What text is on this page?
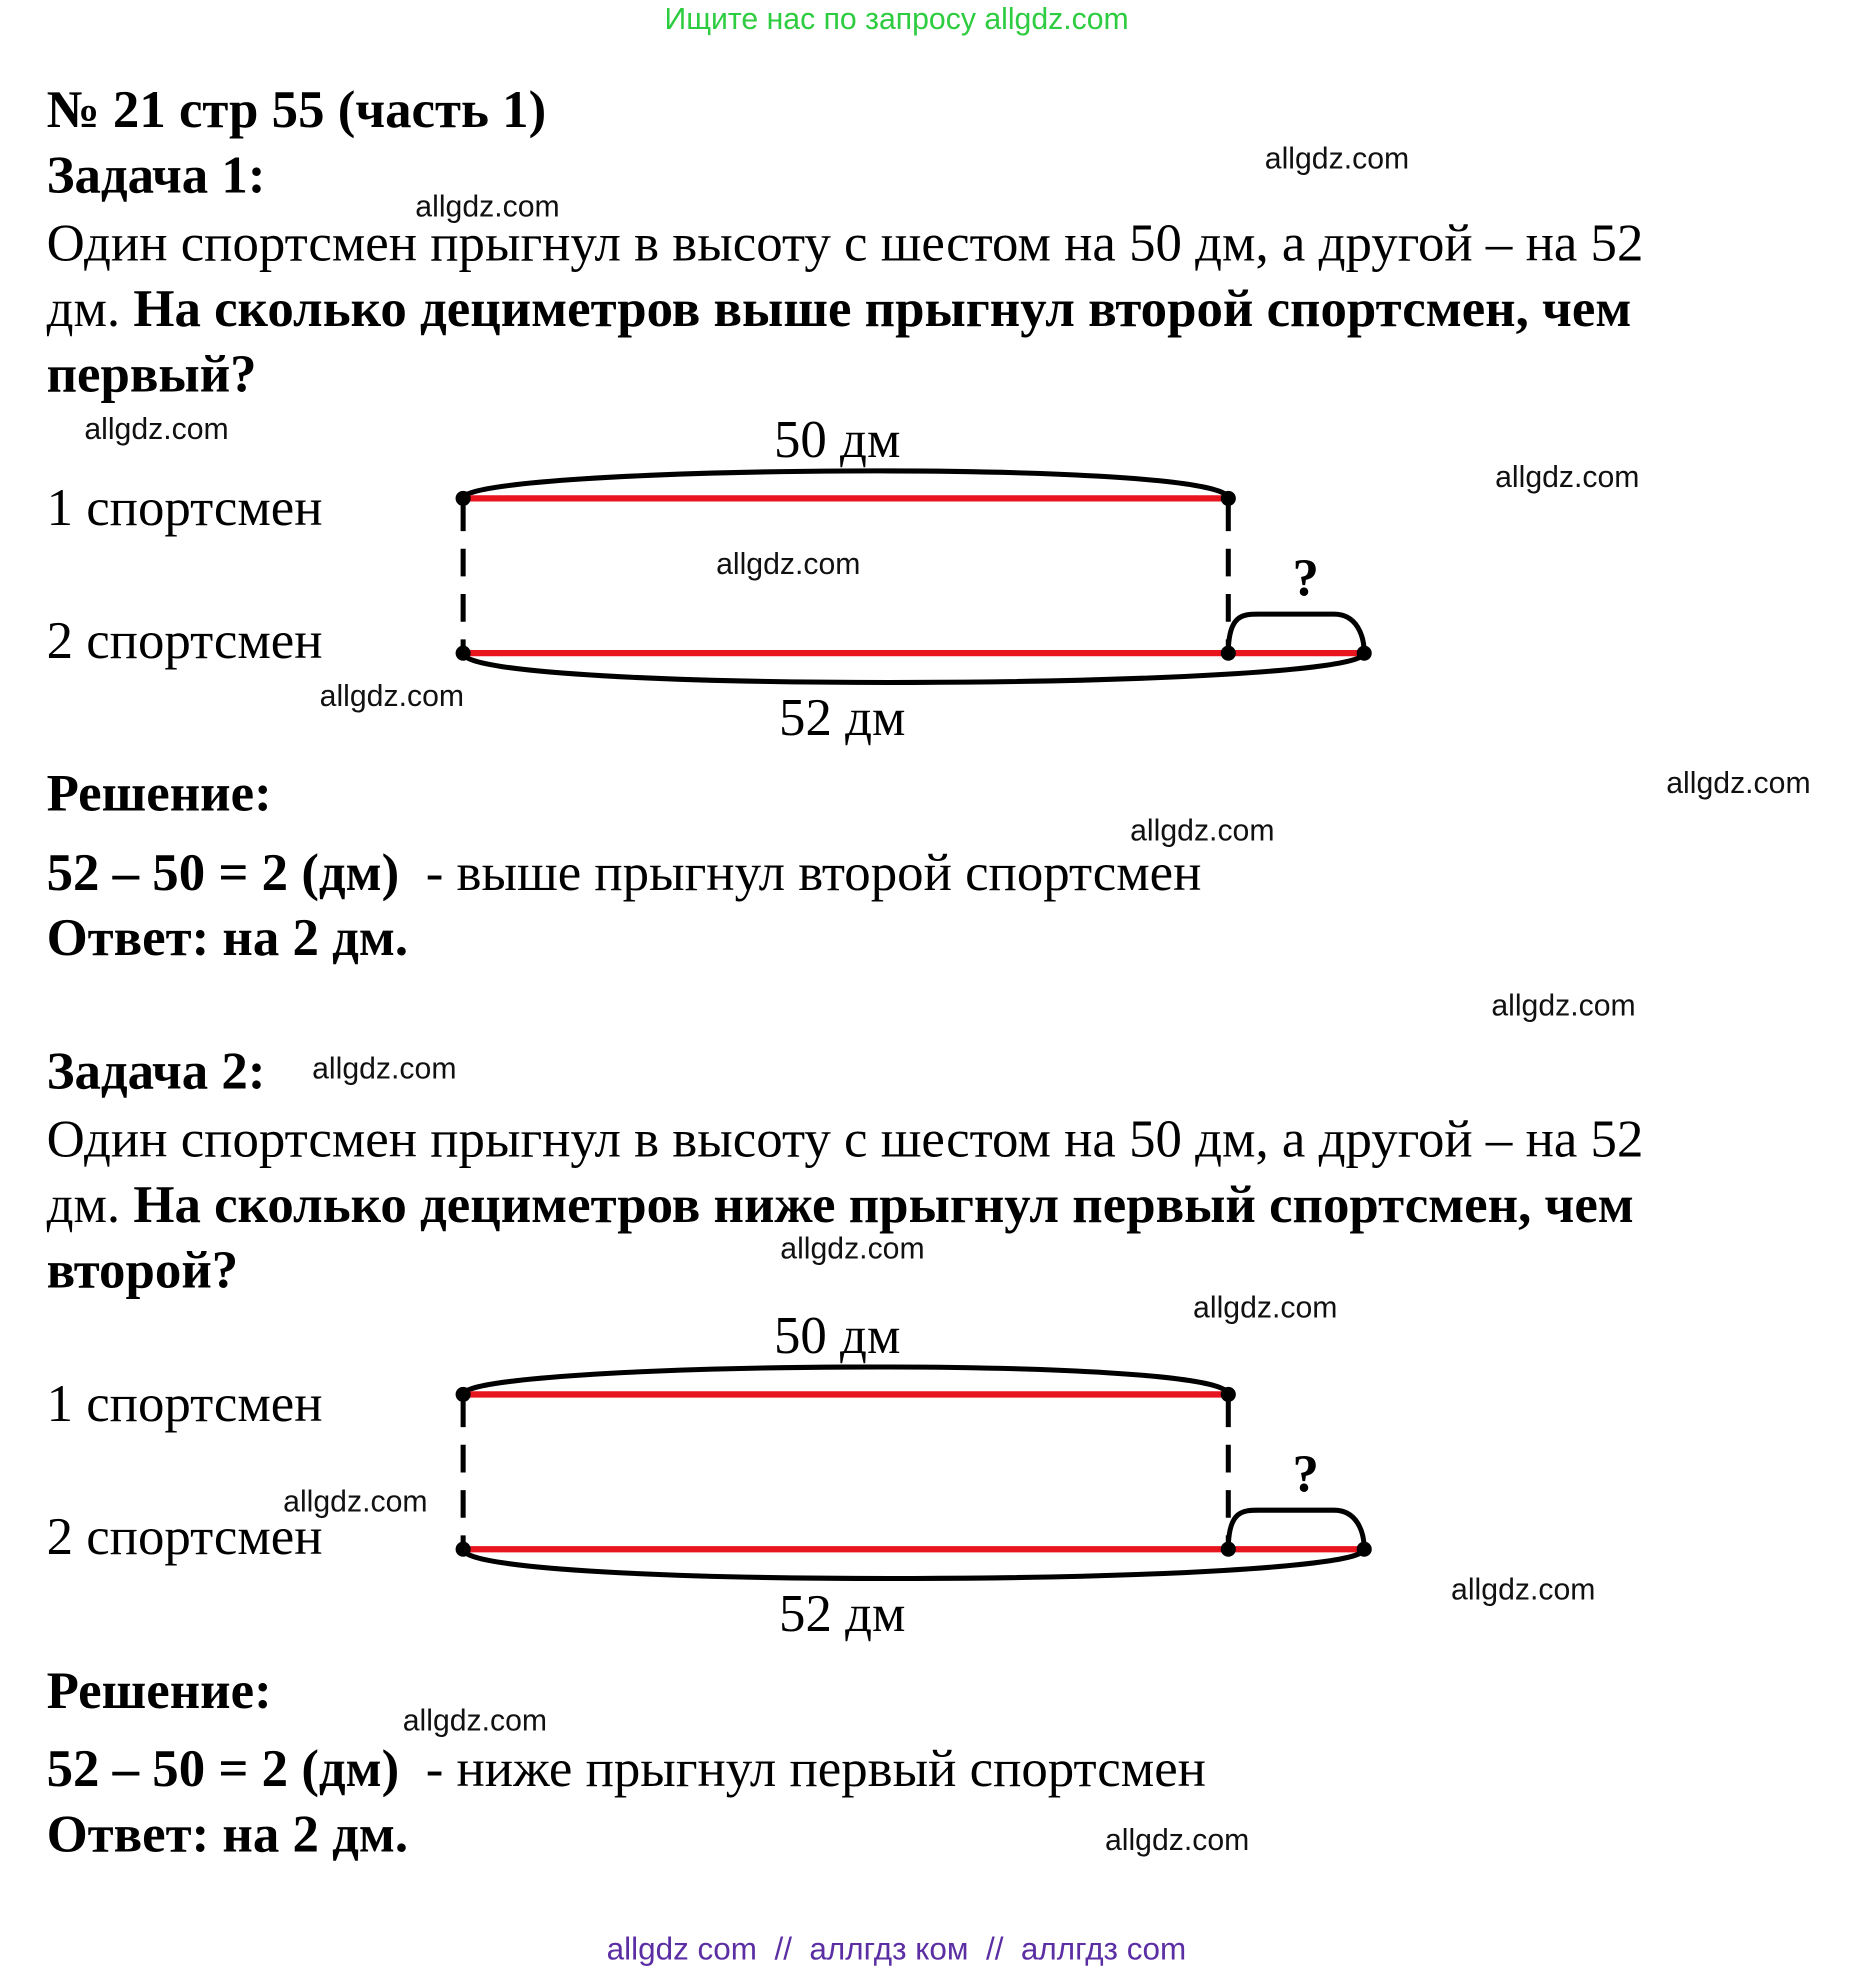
Ищите нас по запросу allgdz.com
№ 21 стр 55 (часть 1)
Задача 1:
Один спортсмен прыгнул в высоту с шестом на 50 дм, а другой – на 52
дм. На сколько дециметров выше прыгнул второй спортсмен, чем
первый?
1 спортсмен
2 спортсмен
50 дм
52 дм
?
Решение:
52 – 50 = 2 (дм) - выше прыгнул второй спортсмен
Ответ: на 2 дм.
Задача 2:
Один спортсмен прыгнул в высоту с шестом на 50 дм, а другой – на 52
дм. На сколько дециметров ниже прыгнул первый спортсмен, чем
второй?
1 спортсмен
2 спортсмен
50 дм
52 дм
?
Решение:
52 – 50 = 2 (дм) - ниже прыгнул первый спортсмен
Ответ: на 2 дм.
allgdz.com
allgdz.com
allgdz.com
allgdz.com
allgdz.com
allgdz.com
allgdz.com
allgdz.com
allgdz.com
allgdz.com
allgdz.com
allgdz.com
allgdz.com
allgdz.com
allgdz.com
allgdz.com
allgdz com  //  аллгдз ком  //  аллгдз com
